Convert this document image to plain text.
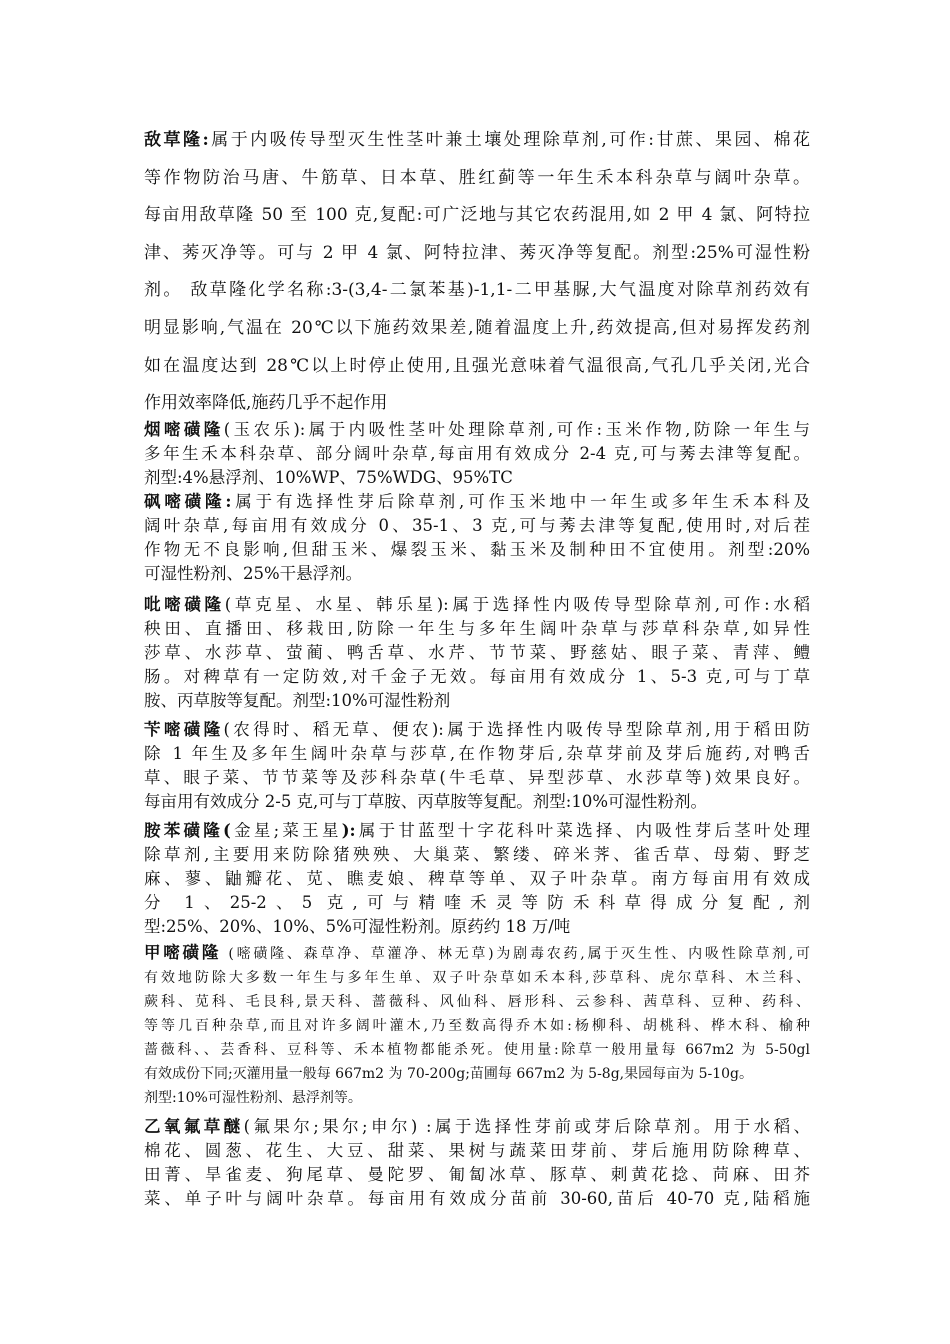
敌草隆:属于内吸传导型灭生性茎叶兼土壤处理除草剂,可作:甘蔗、果园、棉花
等作物防治马唐、牛筋草、日本草、胜红蓟等一年生禾本科杂草与阔叶杂草。
每亩用敌草隆 50 至 100 克,复配:可广泛地与其它农药混用,如 2 甲 4 氯、阿特拉
津、莠灭净等。可与 2 甲 4 氯、阿特拉津、莠灭净等复配。剂型:25%可湿性粉
剂。 敌草隆化学名称:3-(3,4-二氯苯基)-1,1-二甲基脲,大气温度对除草剂药效有
明显影响,气温在 20℃以下施药效果差,随着温度上升,药效提高,但对易挥发药剂
如在温度达到 28℃以上时停止使用,且强光意味着气温很高,气孔几乎关闭,光合
作用效率降低,施药几乎不起作用

烟嘧磺隆(玉农乐):属于内吸性茎叶处理除草剂,可作:玉米作物,防除一年生与
多年生禾本科杂草、部分阔叶杂草,每亩用有效成分 2-4 克,可与莠去津等复配。
剂型:4%悬浮剂、10%WP、75%WDG、95%TC

砜嘧磺隆:属于有选择性芽后除草剂,可作玉米地中一年生或多年生禾本科及
阔叶杂草,每亩用有效成分 0、35-1、3 克,可与莠去津等复配,使用时,对后茬
作物无不良影响,但甜玉米、爆裂玉米、黏玉米及制种田不宜使用。剂型:20%
可湿性粉剂、25%干悬浮剂。

吡嘧磺隆(草克星、水星、韩乐星):属于选择性内吸传导型除草剂,可作:水稻
秧田、直播田、移栽田,防除一年生与多年生阔叶杂草与莎草科杂草,如异性
莎草、水莎草、萤蔺、鸭舌草、水芹、节节菜、野慈姑、眼子菜、青萍、鳢
肠。对稗草有一定防效,对千金子无效。每亩用有效成分 1、5-3 克,可与丁草
胺、丙草胺等复配。剂型:10%可湿性粉剂

苄嘧磺隆(农得时、稻无草、便农):属于选择性内吸传导型除草剂,用于稻田防
除 1 年生及多年生阔叶杂草与莎草,在作物芽后,杂草芽前及芽后施药,对鸭舌
草、眼子菜、节节菜等及莎科杂草(牛毛草、异型莎草、水莎草等)效果良好。
每亩用有效成分 2-5 克,可与丁草胺、丙草胺等复配。剂型:10%可湿性粉剂。

胺苯磺隆(金星;菜王星):属于甘蓝型十字花科叶菜选择、内吸性芽后茎叶处理
除草剂,主要用来防除猪殃殃、大巢菜、繁缕、碎米荠、雀舌草、母菊、野芝
麻、蓼、鼬瓣花、苋、瞧麦娘、稗草等单、双子叶杂草。南方每亩用有效成
分 1、25-2、5 克,可与精喹禾灵等防禾科草得成分复配,剂
型:25%、20%、10%、5%可湿性粉剂。原药约 18 万/吨

甲嘧磺隆 (嘧磺隆、森草净、草灌净、林无草)为剧毒农药,属于灭生性、内吸性除草剂,可
有效地防除大多数一年生与多年生单、双子叶杂草如禾本科,莎草科、虎尔草科、木兰科、
蕨科、苋科、毛艮科,景天科、蔷薇科、风仙科、唇形科、云参科、茜草科、豆种、药科、
等等几百种杂草,而且对许多阔叶灌木,乃至数高得乔木如:杨柳科、胡桃科、桦木科、榆种
蔷薇科、、芸香科、豆科等、禾本植物都能杀死。使用量:除草一般用量每 667m2 为 5-50gl
有效成份下同;灭灌用量一般每 667m2 为 70-200g;苗圃每 667m2 为 5-8g,果园每亩为 5-10g。
剂型:10%可湿性粉剂、悬浮剂等。

乙氧氟草醚(氟果尔;果尔;申尔) :属于选择性芽前或芽后除草剂。用于水稻、
棉花、圆葱、花生、大豆、甜菜、果树与蔬菜田芽前、芽后施用防除稗草、
田菁、旱雀麦、狗尾草、曼陀罗、匍匐冰草、豚草、刺黄花捻、苘麻、田芥
菜、单子叶与阔叶杂草。每亩用有效成分苗前 30-60,苗后 40-70 克,陆稻施
